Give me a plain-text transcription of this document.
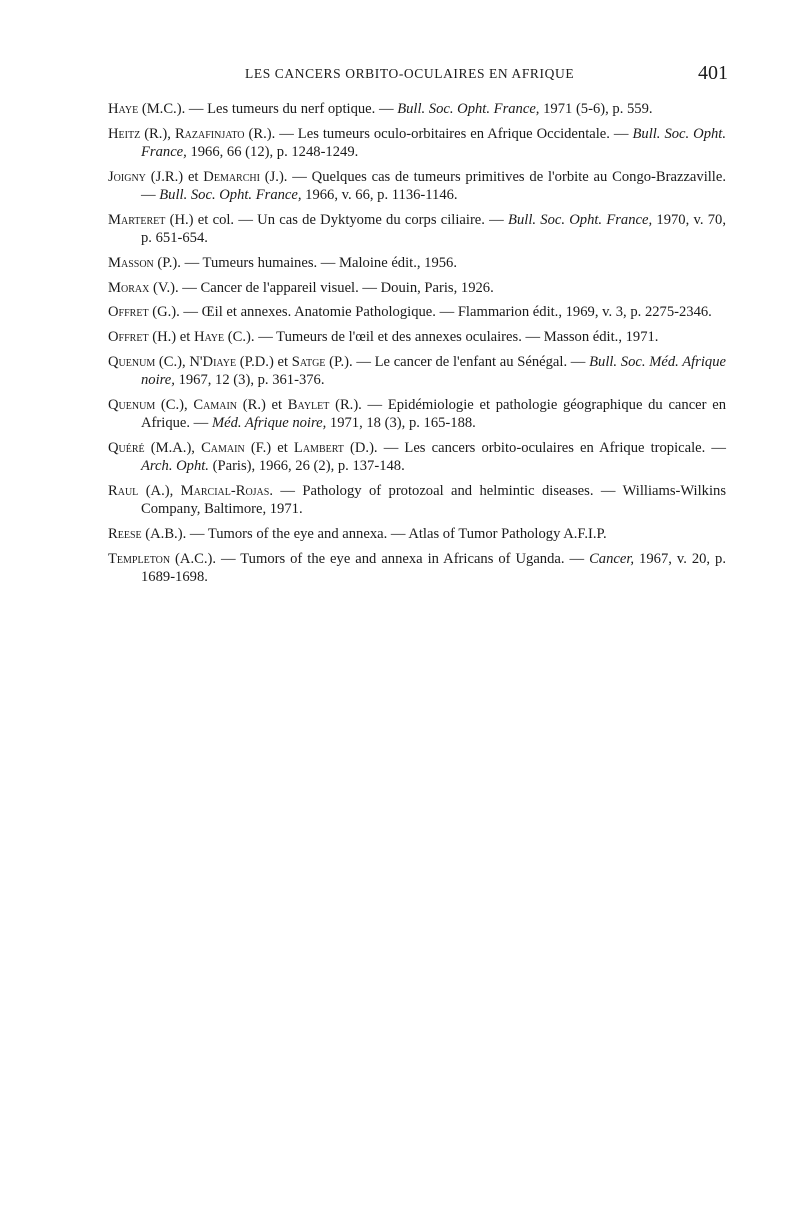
LES CANCERS ORBITO-OCULAIRES EN AFRIQUE	401
Haye (M.C.). — Les tumeurs du nerf optique. — Bull. Soc. Opht. France, 1971 (5-6), p. 559.
Heitz (R.), Razafinjato (R.). — Les tumeurs oculo-orbitaires en Afrique Occidentale. — Bull. Soc. Opht. France, 1966, 66 (12), p. 1248-1249.
Joigny (J.R.) et Demarchi (J.). — Quelques cas de tumeurs primitives de l'orbite au Congo-Brazzaville. — Bull. Soc. Opht. France, 1966, v. 66, p. 1136-1146.
Marteret (H.) et col. — Un cas de Dyktyome du corps ciliaire. — Bull. Soc. Opht. France, 1970, v. 70, p. 651-654.
Masson (P.). — Tumeurs humaines. — Maloine édit., 1956.
Morax (V.). — Cancer de l'appareil visuel. — Douin, Paris, 1926.
Offret (G.). — Œil et annexes. Anatomie Pathologique. — Flammarion édit., 1969, v. 3, p. 2275-2346.
Offret (H.) et Haye (C.). — Tumeurs de l'œil et des annexes oculaires. — Masson édit., 1971.
Quenum (C.), N'Diaye (P.D.) et Satge (P.). — Le cancer de l'enfant au Sénégal. — Bull. Soc. Méd. Afrique noire, 1967, 12 (3), p. 361-376.
Quenum (C.), Camain (R.) et Baylet (R.). — Epidémiologie et pathologie géographique du cancer en Afrique. — Méd. Afrique noire, 1971, 18 (3), p. 165-188.
Quéré (M.A.), Camain (F.) et Lambert (D.). — Les cancers orbito-oculaires en Afrique tropicale. — Arch. Opht. (Paris), 1966, 26 (2), p. 137-148.
Raul (A.), Marcial-Rojas. — Pathology of protozoal and helmintic diseases. — Williams-Wilkins Company, Baltimore, 1971.
Reese (A.B.). — Tumors of the eye and annexa. — Atlas of Tumor Pathology A.F.I.P.
Templeton (A.C.). — Tumors of the eye and annexa in Africans of Uganda. — Cancer, 1967, v. 20, p. 1689-1698.
